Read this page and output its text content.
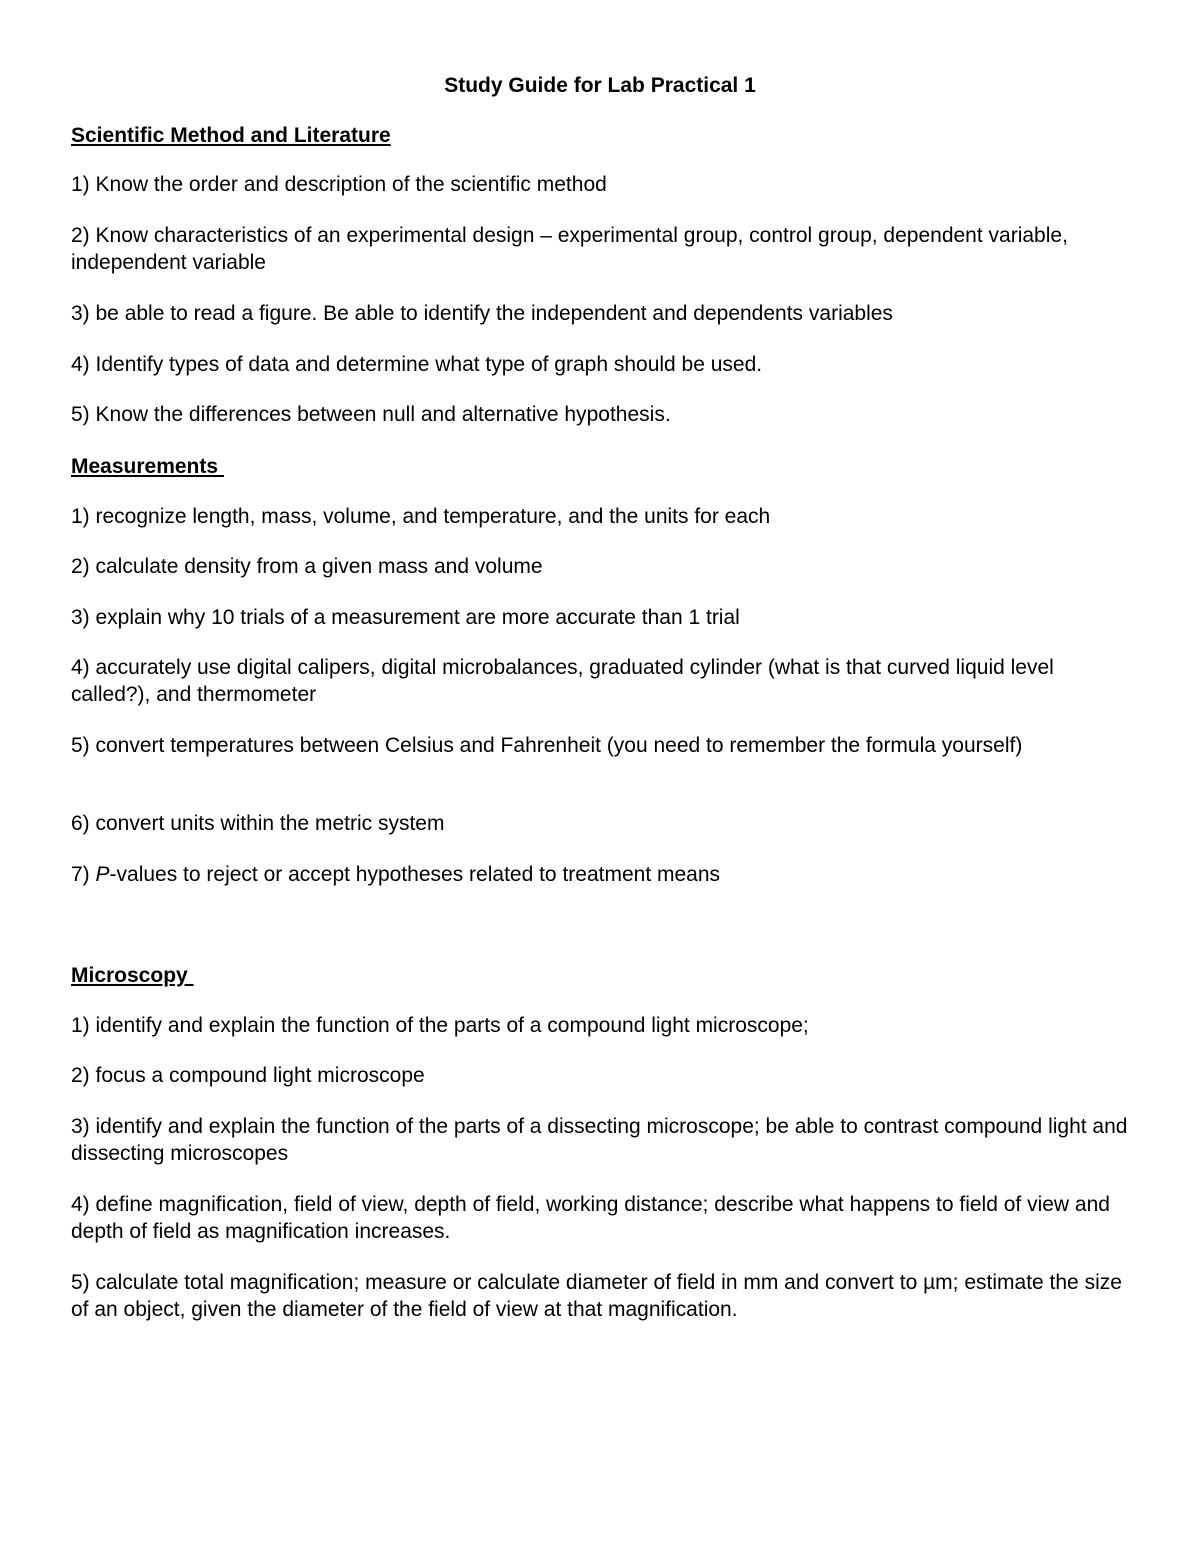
Study Guide for Lab Practical 1
Scientific Method and Literature

1) Know the order and description of the scientific method

2) Know characteristics of an experimental design – experimental group, control group, dependent variable, independent variable

3) be able to read a figure. Be able to identify the independent and dependents variables

4) Identify types of data and determine what type of graph should be used.

5) Know the differences between null and alternative hypothesis.

Measurements

1) recognize length, mass, volume, and temperature, and the units for each

2) calculate density from a given mass and volume

3) explain why 10 trials of a measurement are more accurate than 1 trial

4) accurately use digital calipers, digital microbalances, graduated cylinder (what is that curved liquid level called?), and thermometer

5) convert temperatures between Celsius and Fahrenheit (you need to remember the formula yourself)

6) convert units within the metric system

7) P-values to reject or accept hypotheses related to treatment means

Microscopy

1) identify and explain the function of the parts of a compound light microscope;

2) focus a compound light microscope

3) identify and explain the function of the parts of a dissecting microscope; be able to contrast compound light and dissecting microscopes

4) define magnification, field of view, depth of field, working distance; describe what happens to field of view and depth of field as magnification increases.

5) calculate total magnification; measure or calculate diameter of field in mm and convert to µm; estimate the size of an object, given the diameter of the field of view at that magnification.
